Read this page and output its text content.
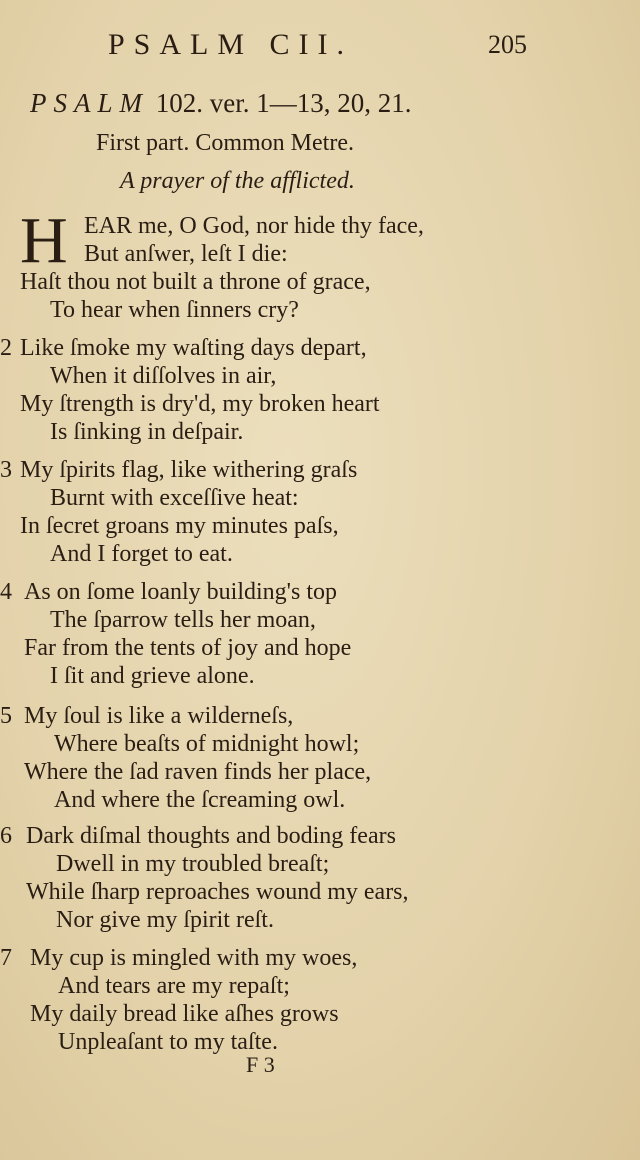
PSALM CII.	205
PSALM 102. ver. 1—13, 20, 21.
First part. Common Metre.
A prayer of the afflicted.
H EAR me, O God, nor hide thy face,
But anſwer, leſt I die:
Haſt thou not built a throne of grace,
To hear when ſinners cry?
2 Like ſmoke my waſting days depart,
When it diſſolves in air,
My ſtrength is dry'd, my broken heart
Is ſinking in deſpair.
3 My ſpirits flag, like withering graſs
Burnt with exceſſive heat:
In ſecret groans my minutes paſs,
And I forget to eat.
4 As on ſome loanly building's top
The ſparrow tells her moan,
Far from the tents of joy and hope
I ſit and grieve alone.
5 My ſoul is like a wilderneſs,
Where beaſts of midnight howl;
Where the ſad raven finds her place,
And where the ſcreaming owl.
6 Dark diſmal thoughts and boding fears
Dwell in my troubled breaſt;
While ſharp reproaches wound my ears,
Nor give my ſpirit reſt.
7 My cup is mingled with my woes,
And tears are my repaſt;
My daily bread like aſhes grows
Unpleaſant to my taſte.
F 3
